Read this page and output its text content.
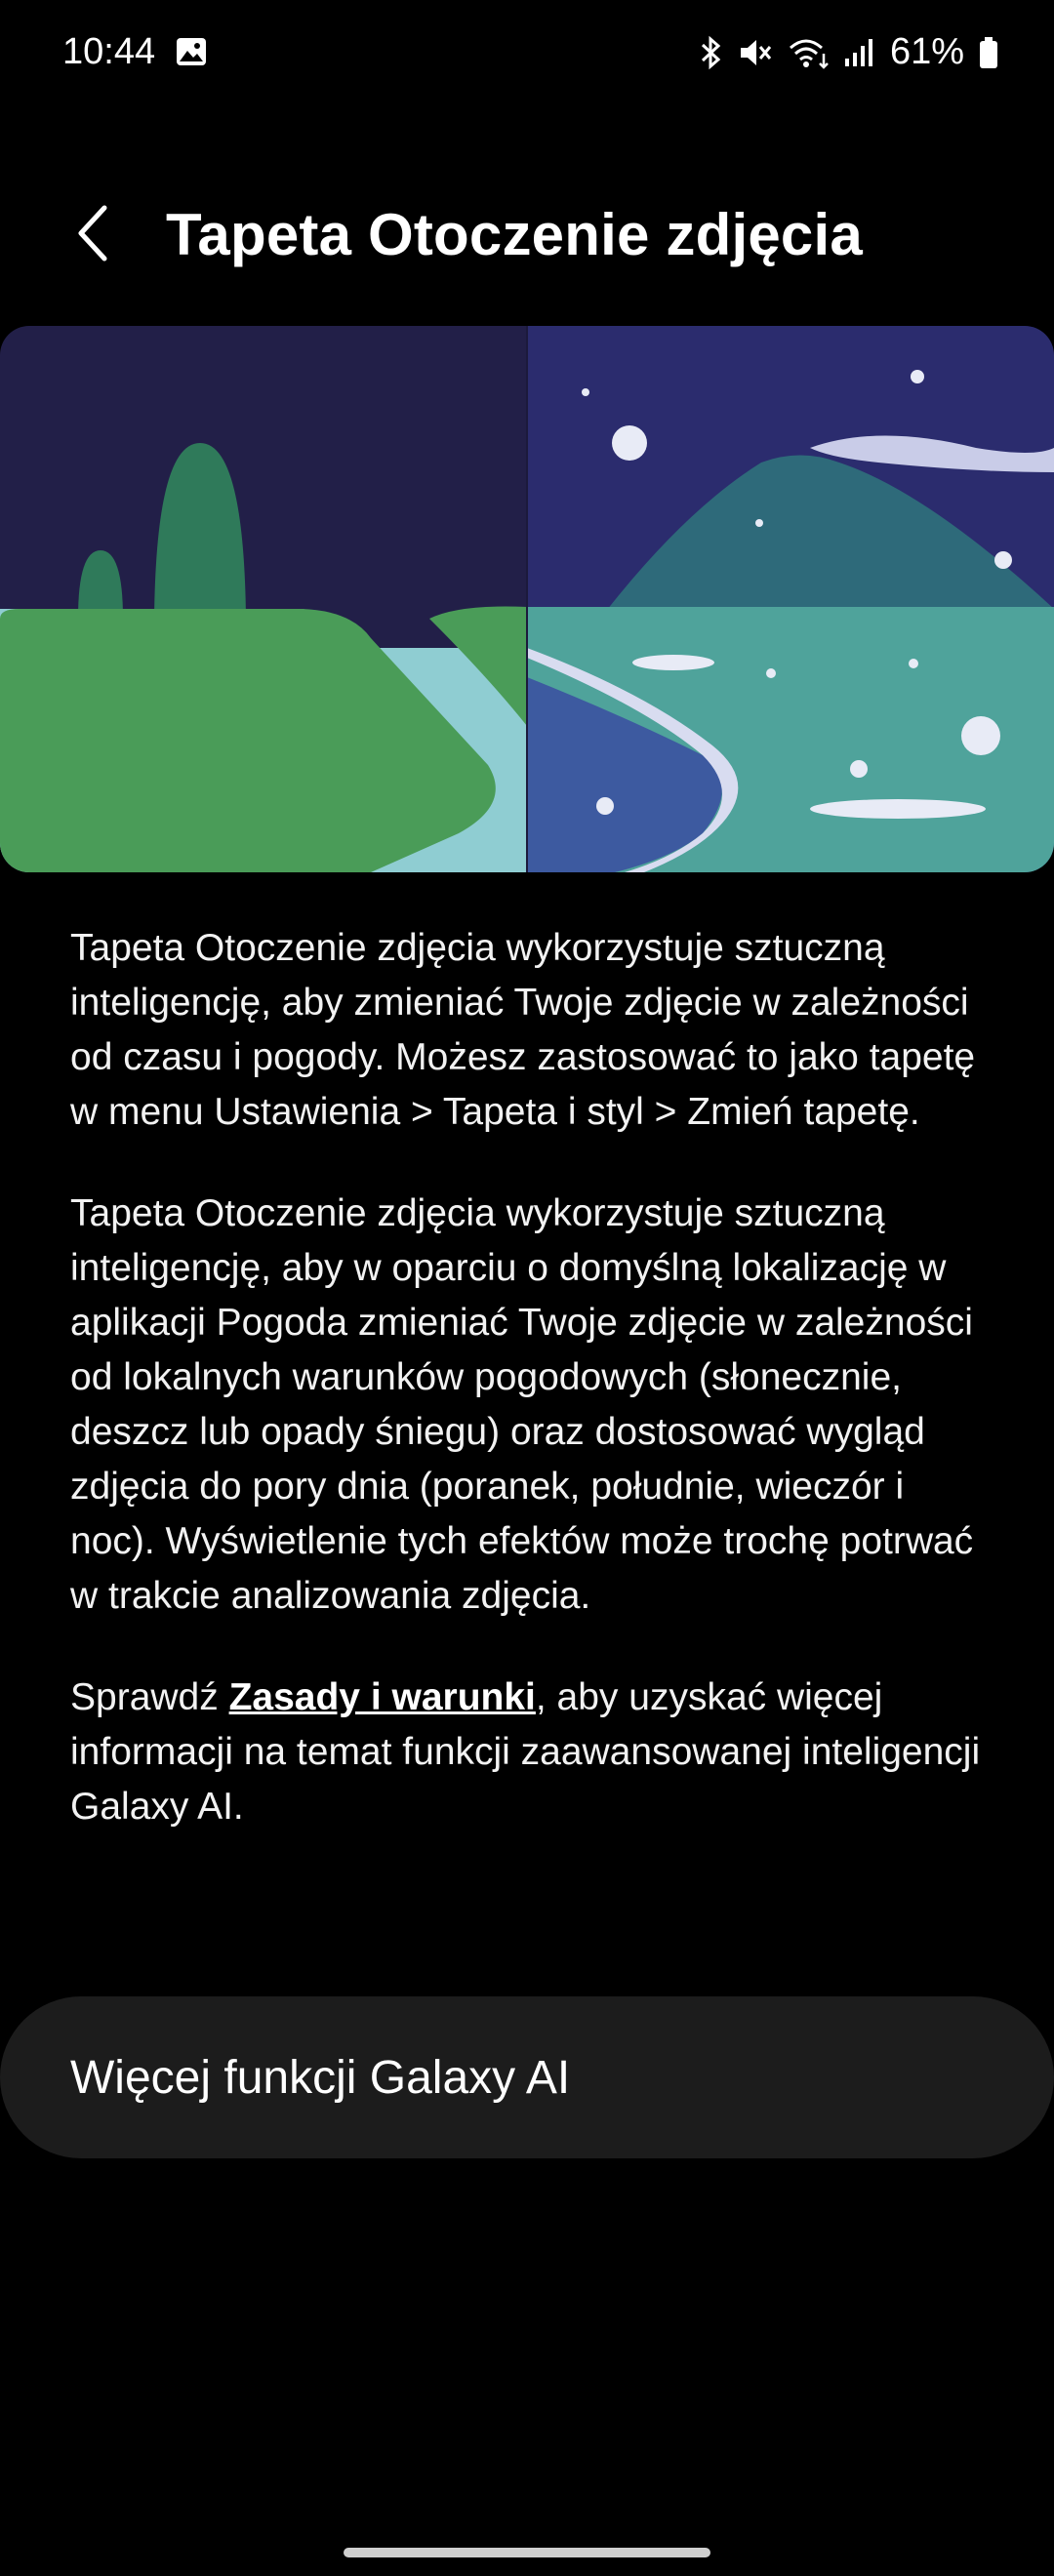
10:44	61%
Tapeta Otoczenie zdjęcia

Tapeta Otoczenie zdjęcia wykorzystuje sztuczną inteligencję, aby zmieniać Twoje zdjęcie w zależności od czasu i pogody. Możesz zastosować to jako tapetę w menu Ustawienia > Tapeta i styl > Zmień tapetę.

Tapeta Otoczenie zdjęcia wykorzystuje sztuczną inteligencję, aby w oparciu o domyślną lokalizację w aplikacji Pogoda zmieniać Twoje zdjęcie w zależności od lokalnych warunków pogodowych (słonecznie, deszcz lub opady śniegu) oraz dostosować wygląd zdjęcia do pory dnia (poranek, południe, wieczór i noc). Wyświetlenie tych efektów może trochę potrwać w trakcie analizowania zdjęcia.

Sprawdź Zasady i warunki, aby uzyskać więcej informacji na temat funkcji zaawansowanej inteligencji Galaxy AI.

Więcej funkcji Galaxy AI
